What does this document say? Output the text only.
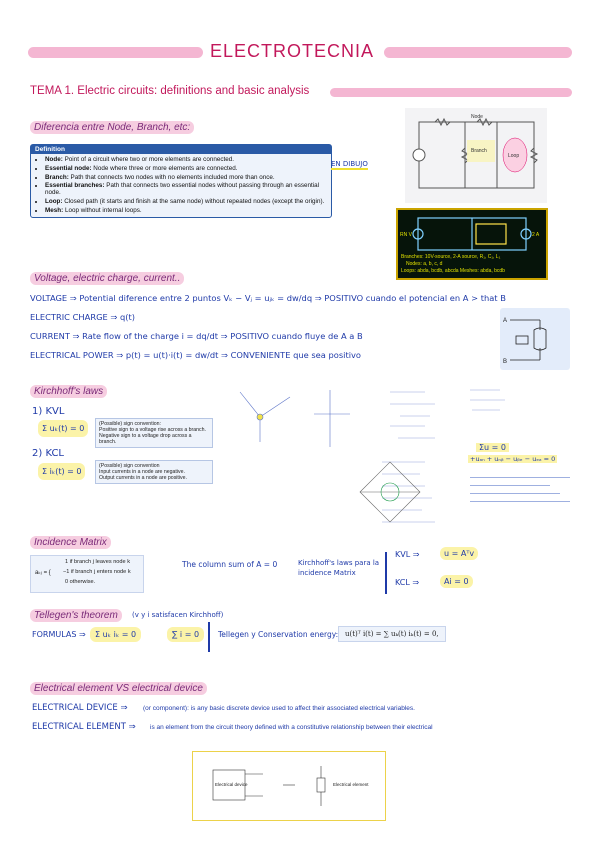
ELECTROTECNIA
TEMA 1. Electric circuits: definitions and basic analysis
Diferencia entre Node, Branch, etc:
Definition
• Node: Point of a circuit where two or more elements are connected.
• Essential node: Node where three or more elements are connected.
• Branch: Path that connects two nodes with no elements included more than once.
• Essential branches: Path that connects two essential nodes without passing through an essential node.
• Loop: Closed path (it starts and finish at the same node) without repeated nodes (except the origin).
• Mesh: Loop without internal loops.
EN DIBUJO
Node
Branch
Loop
RN V	2 A
Branches: 10V-source, 2-A source, R₁, C₁, L₁
Nodes: a, b, c, d
Loops: abda, bcdb, abcda Meshes: abda, bcdb
Voltage, electric charge, current..
VOLTAGE ⇒ Potential diference entre 2 puntos Vₖ − Vⱼ = uⱼₖ = dw/dq ⇒ POSITIVO cuando el potencial en A > that B
ELECTRIC CHARGE ⇒ q(t)
CURRENT ⇒ Rate flow of the charge i = dq/dt ⇒ POSITIVO cuando fluye de A a B
ELECTRICAL POWER ⇒ p(t) = u(t)·i(t) = dw/dt ⇒ CONVENIENTE que sea positivo
A
B
Kirchhoff's laws
1) KVL
Σ uₖ(t) = 0	(Possible) sign convention:
Positive sign to a voltage rise across a branch.
Negative sign to a voltage drop across a branch.
2) KCL
Σ iₖ(t) = 0
(Possible) sign convention
Input currents in a node are negative.
Output currents in a node are positive.
Σu = 0
+uₐₙ + uₙᵦ − uᵦₑ − uₑₐ = 0
Incidence Matrix
aₖⱼ = {
1 if branch j leaves node k
−1 if branch j enters node k
0 otherwise.
The column sum of A = 0	Kirchhoff's laws para la incidence Matrix
KVL ⇒	u = Aᵀv
KCL ⇒	Ai = 0
Tellegen's theorem	(v y i satisfacen Kirchhoff)
FORMULAS ⇒	Σ uₖ iₖ = 0	∑ i = 0	Tellegen y Conservation energy: u(t)ᵀ i(t) = ∑ uₖ(t) iₖ(t) = 0,
Electrical element VS electrical device
ELECTRICAL DEVICE ⇒ (or component): is any basic discrete device used to affect their associated electrical variables.
ELECTRICAL ELEMENT ⇒ is an element from the circuit theory defined with a constitutive relationship between their electrical
Electrical device	Electrical element
